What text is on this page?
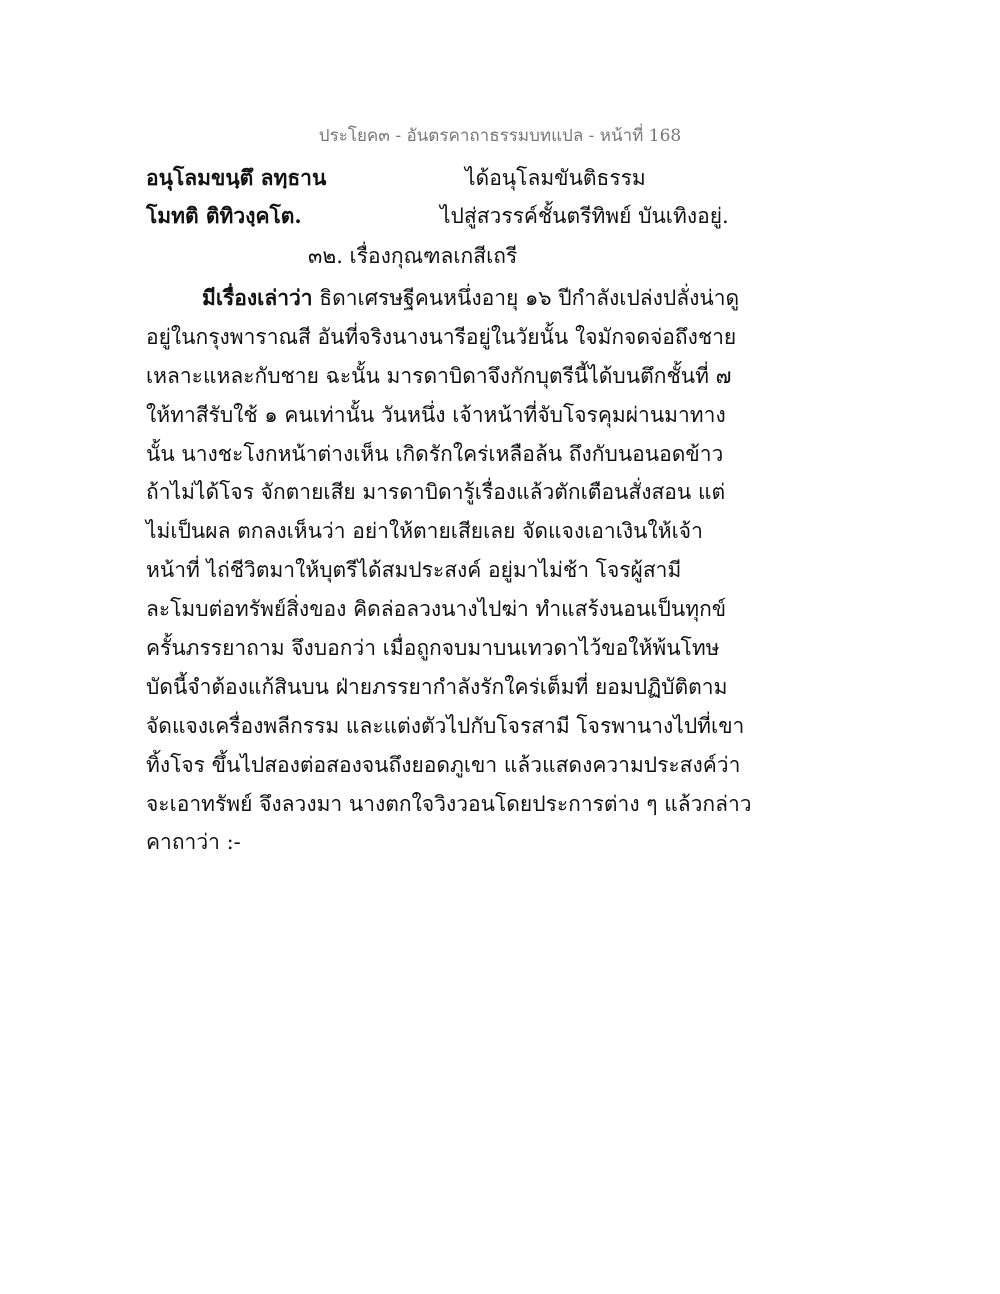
ประโยค๓ - อันตรคาถาธรรมบทแปล - หน้าที่ 168
อนุโลมขนฺตึ ลทฺธาน	ได้อนุโลมขันติธรรม
โมทติ ติทิวงฺคโต.	ไปสู่สวรรค์ชั้นตรีทิพย์ บันเทิงอยู่.
๓๒. เรื่องกุณฑลเกสีเถรี
มีเรื่องเล่าว่า ธิดาเศรษฐีคนหนึ่งอายุ ๑๖ ปีกำลังเปล่งปลั่งน่าดู
อยู่ในกรุงพาราณสี อันที่จริงนางนารีอยู่ในวัยนั้น ใจมักจดจ่อถึงชาย
เหลาะแหละกับชาย ฉะนั้น มารดาบิดาจึงกักบุตรีนี้ได้บนตึกชั้นที่ ๗
ให้ทาสีรับใช้ ๑ คนเท่านั้น วันหนึ่ง เจ้าหน้าที่จับโจรคุมผ่านมาทาง
นั้น นางชะโงกหน้าต่างเห็น เกิดรักใคร่เหลือล้น ถึงกับนอนอดข้าว
ถ้าไม่ได้โจร จักตายเสีย มารดาบิดารู้เรื่องแล้วตักเตือนสั่งสอน แต่
ไม่เป็นผล ตกลงเห็นว่า อย่าให้ตายเสียเลย จัดแจงเอาเงินให้เจ้า
หน้าที่ ไถ่ชีวิตมาให้บุตรีได้สมประสงค์ อยู่มาไม่ช้า โจรผู้สามี
ละโมบต่อทรัพย์สิ่งของ คิดล่อลวงนางไปฆ่า ทำแสร้งนอนเป็นทุกข์
ครั้นภรรยาถาม จึงบอกว่า เมื่อถูกจบมาบนเทวดาไว้ขอให้พ้นโทษ
บัดนี้จำต้องแก้สินบน ฝ่ายภรรยากำลังรักใคร่เต็มที่ ยอมปฏิบัติตาม
จัดแจงเครื่องพลีกรรม และแต่งตัวไปกับโจรสามี โจรพานางไปที่เขา
ทิ้งโจร ขึ้นไปสองต่อสองจนถึงยอดภูเขา แล้วแสดงความประสงค์ว่า
จะเอาทรัพย์ จึงลวงมา นางตกใจวิงวอนโดยประการต่าง ๆ แล้วกล่าว
คาถาว่า :-
